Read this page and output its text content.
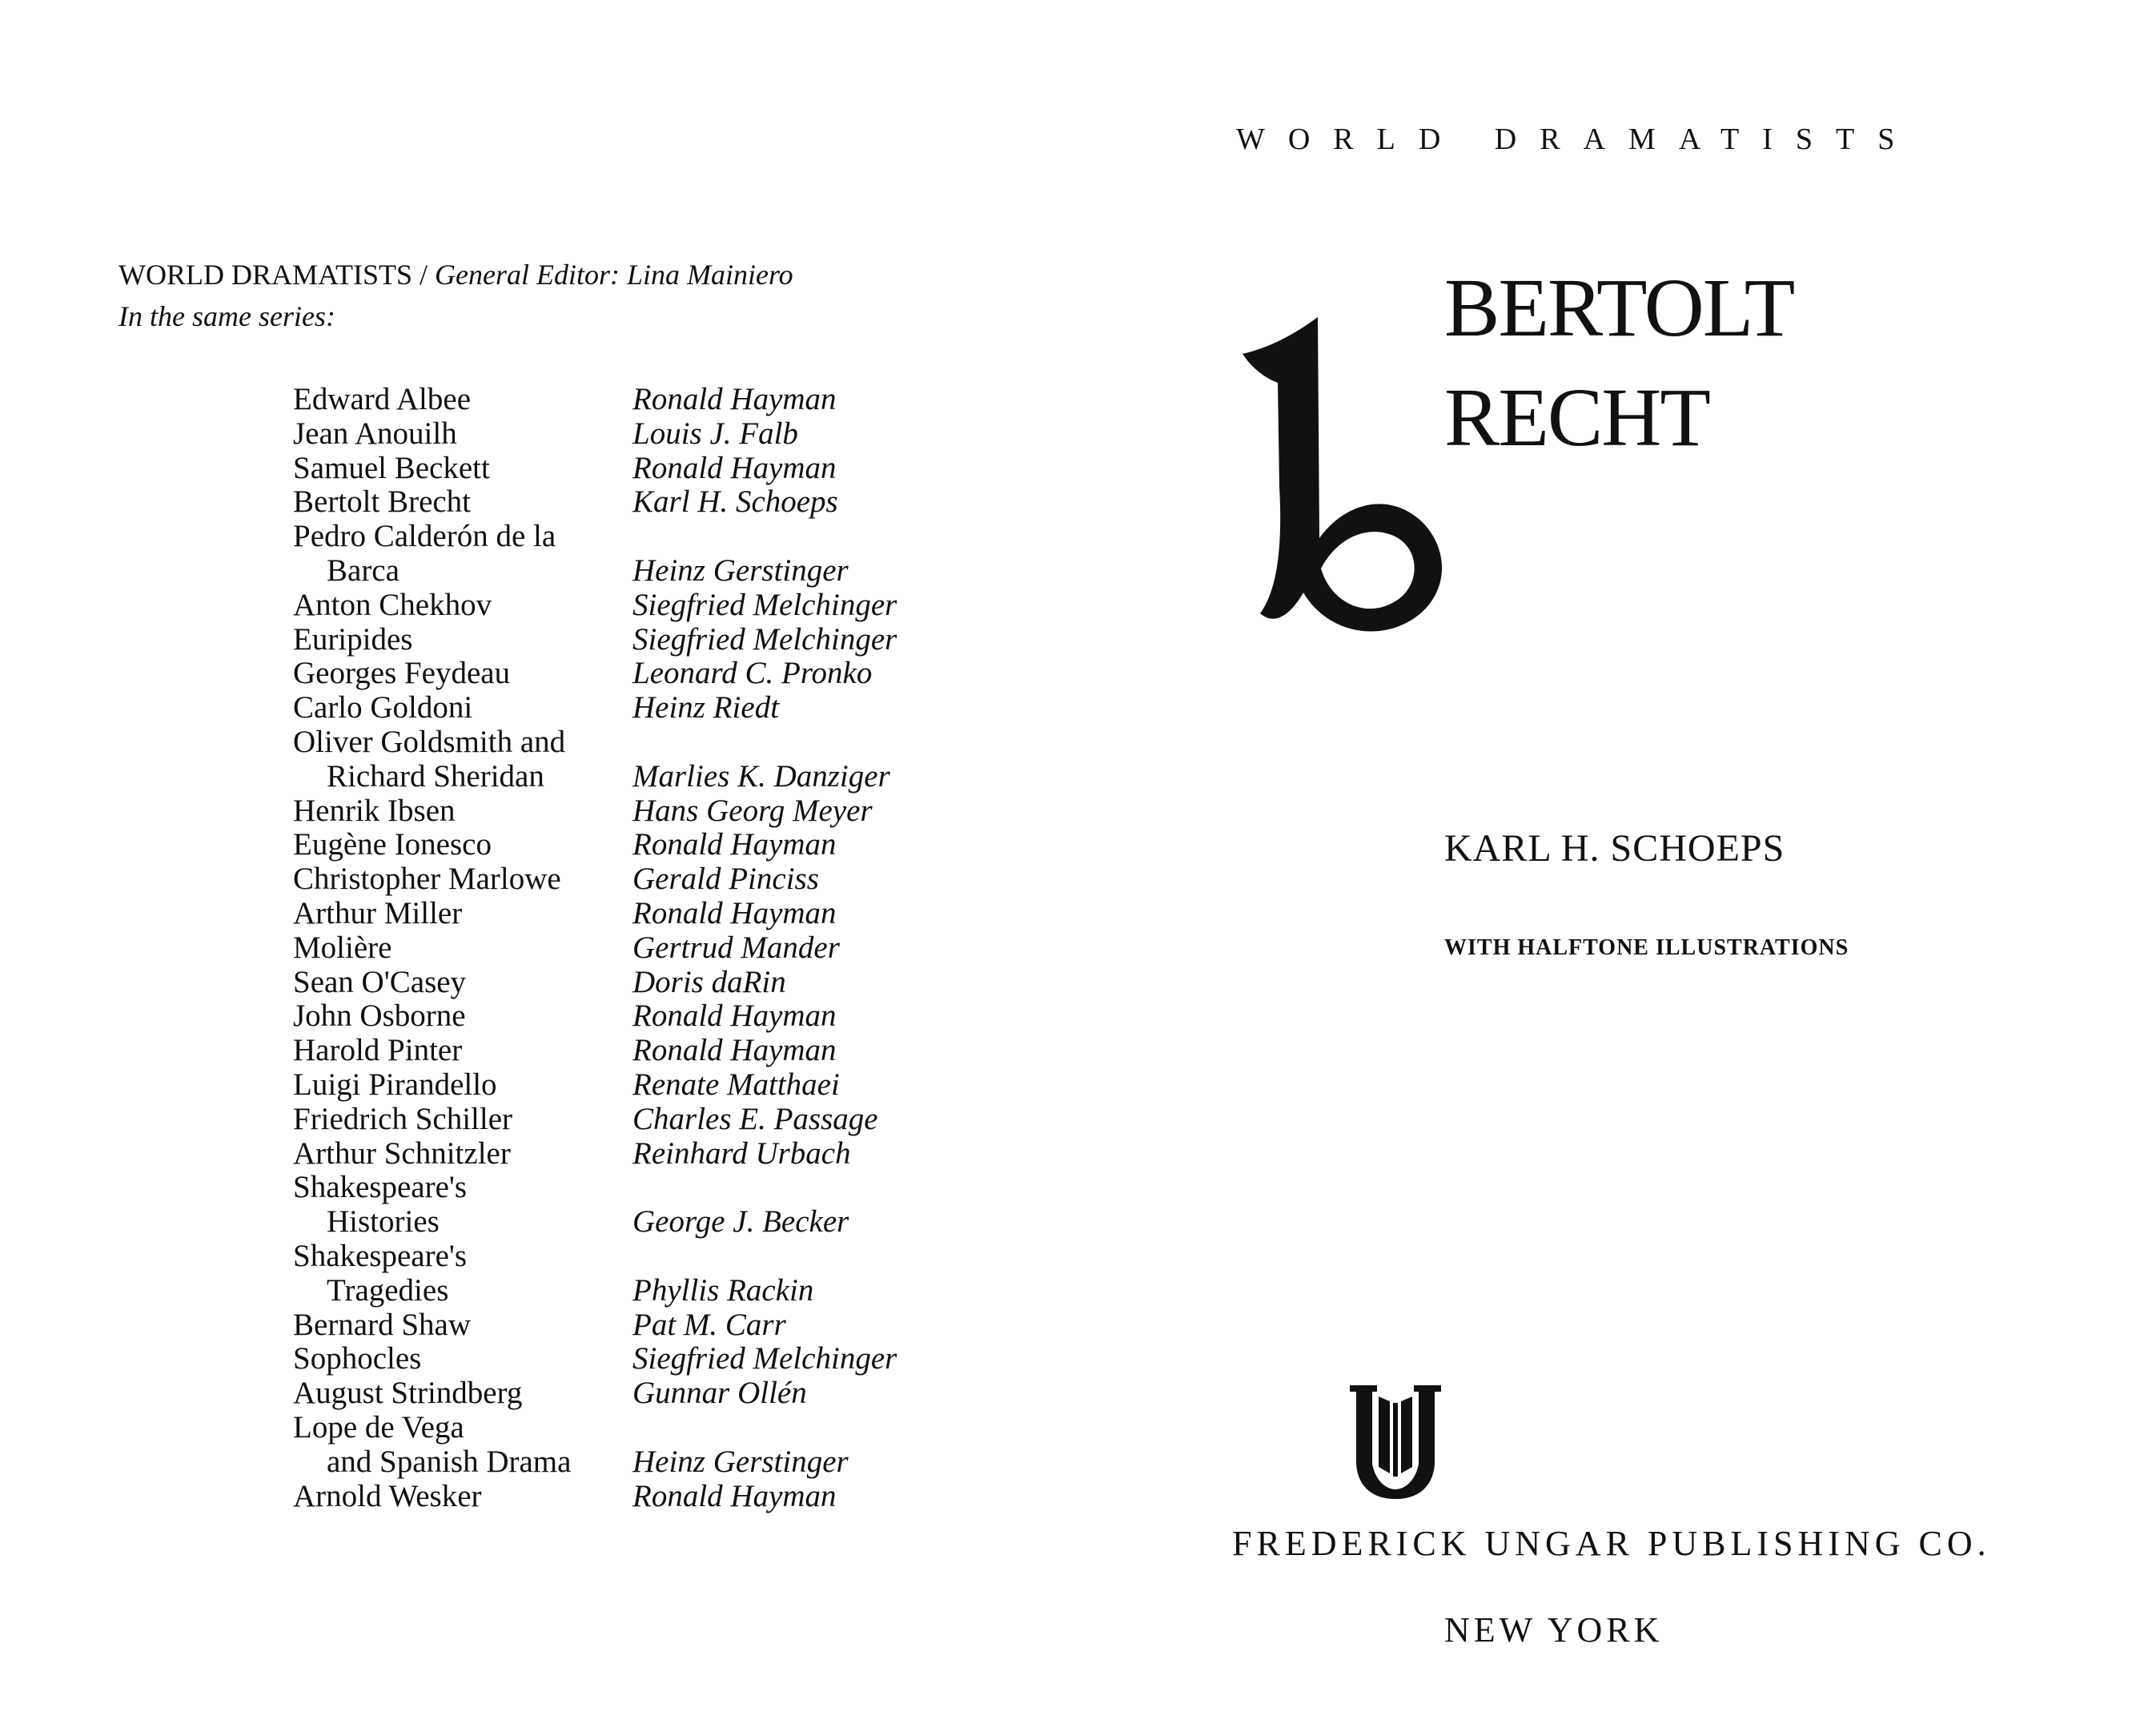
WORLD DRAMATISTS / General Editor: Lina Mainiero
In the same series:
Edward Albee	Ronald Hayman
Jean Anouilh	Louis J. Falb
Samuel Beckett	Ronald Hayman
Bertolt Brecht	Karl H. Schoeps
Pedro Calderón de la
Barca	Heinz Gerstinger
Anton Chekhov	Siegfried Melchinger
Euripides	Siegfried Melchinger
Georges Feydeau	Leonard C. Pronko
Carlo Goldoni	Heinz Riedt
Oliver Goldsmith and
Richard Sheridan	Marlies K. Danziger
Henrik Ibsen	Hans Georg Meyer
Eugène Ionesco	Ronald Hayman
Christopher Marlowe	Gerald Pinciss
Arthur Miller	Ronald Hayman
Molière	Gertrud Mander
Sean O'Casey	Doris daRin
John Osborne	Ronald Hayman
Harold Pinter	Ronald Hayman
Luigi Pirandello	Renate Matthaei
Friedrich Schiller	Charles E. Passage
Arthur Schnitzler	Reinhard Urbach
Shakespeare's
Histories	George J. Becker
Shakespeare's
Tragedies	Phyllis Rackin
Bernard Shaw	Pat M. Carr
Sophocles	Siegfried Melchinger
August Strindberg	Gunnar Ollén
Lope de Vega
and Spanish Drama	Heinz Gerstinger
Arnold Wesker	Ronald Hayman
WORLD DRAMATISTS
BERTOLT
RECHT
KARL H. SCHOEPS
WITH HALFTONE ILLUSTRATIONS
FREDERICK UNGAR PUBLISHING CO.
NEW YORK
